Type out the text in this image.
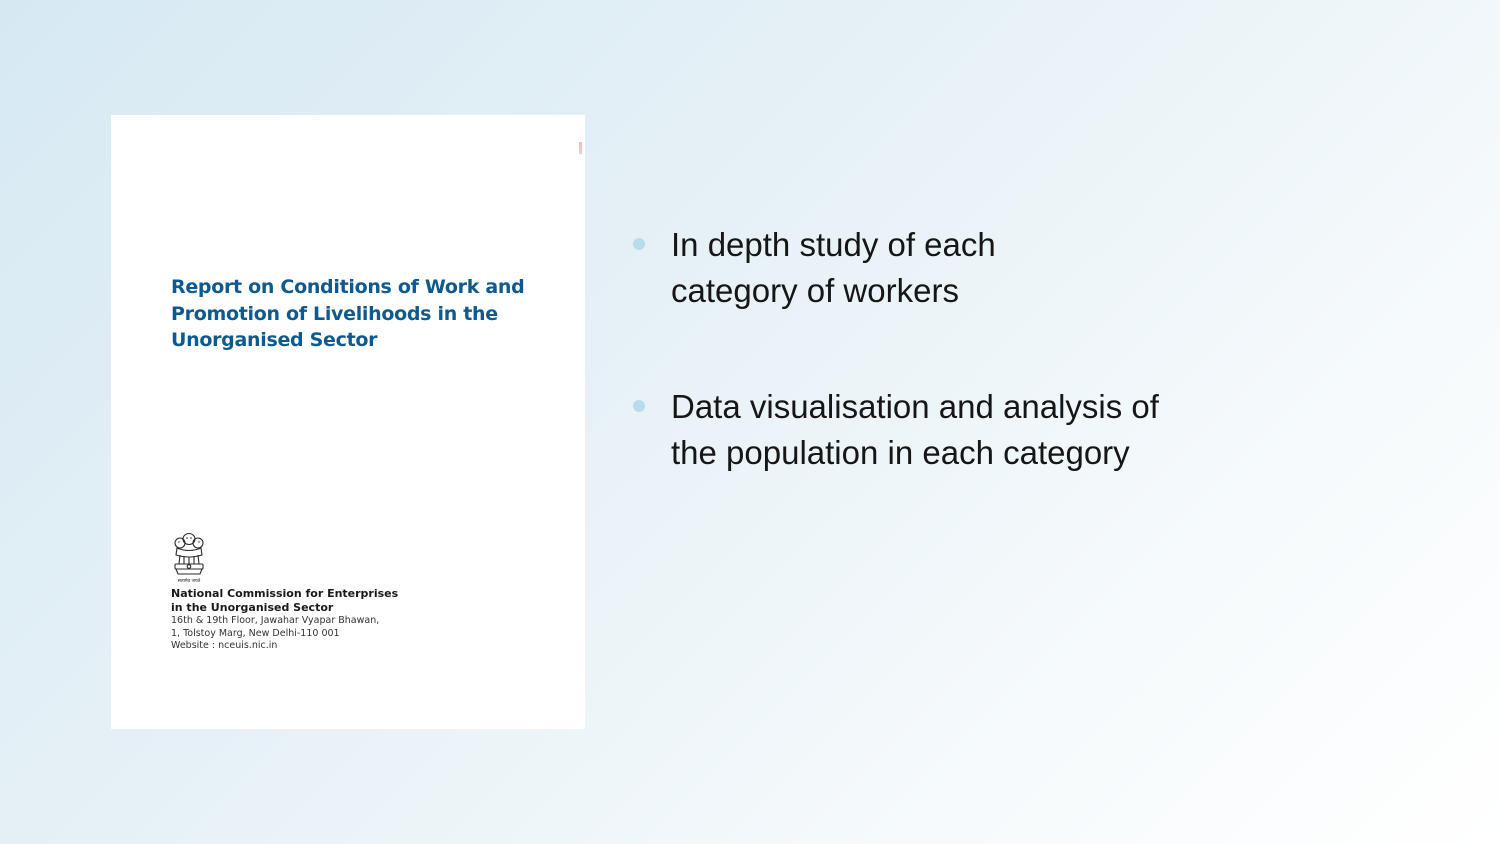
Report on Conditions of Work and
Promotion of Livelihoods in the
Unorganised Sector
सत्यमेव जयते
National Commission for Enterprises
in the Unorganised Sector
16th & 19th Floor, Jawahar Vyapar Bhawan,
1, Tolstoy Marg, New Delhi-110 001
Website : nceuis.nic.in
In depth study of each
category of workers
Data visualisation and analysis of
the population in each category
